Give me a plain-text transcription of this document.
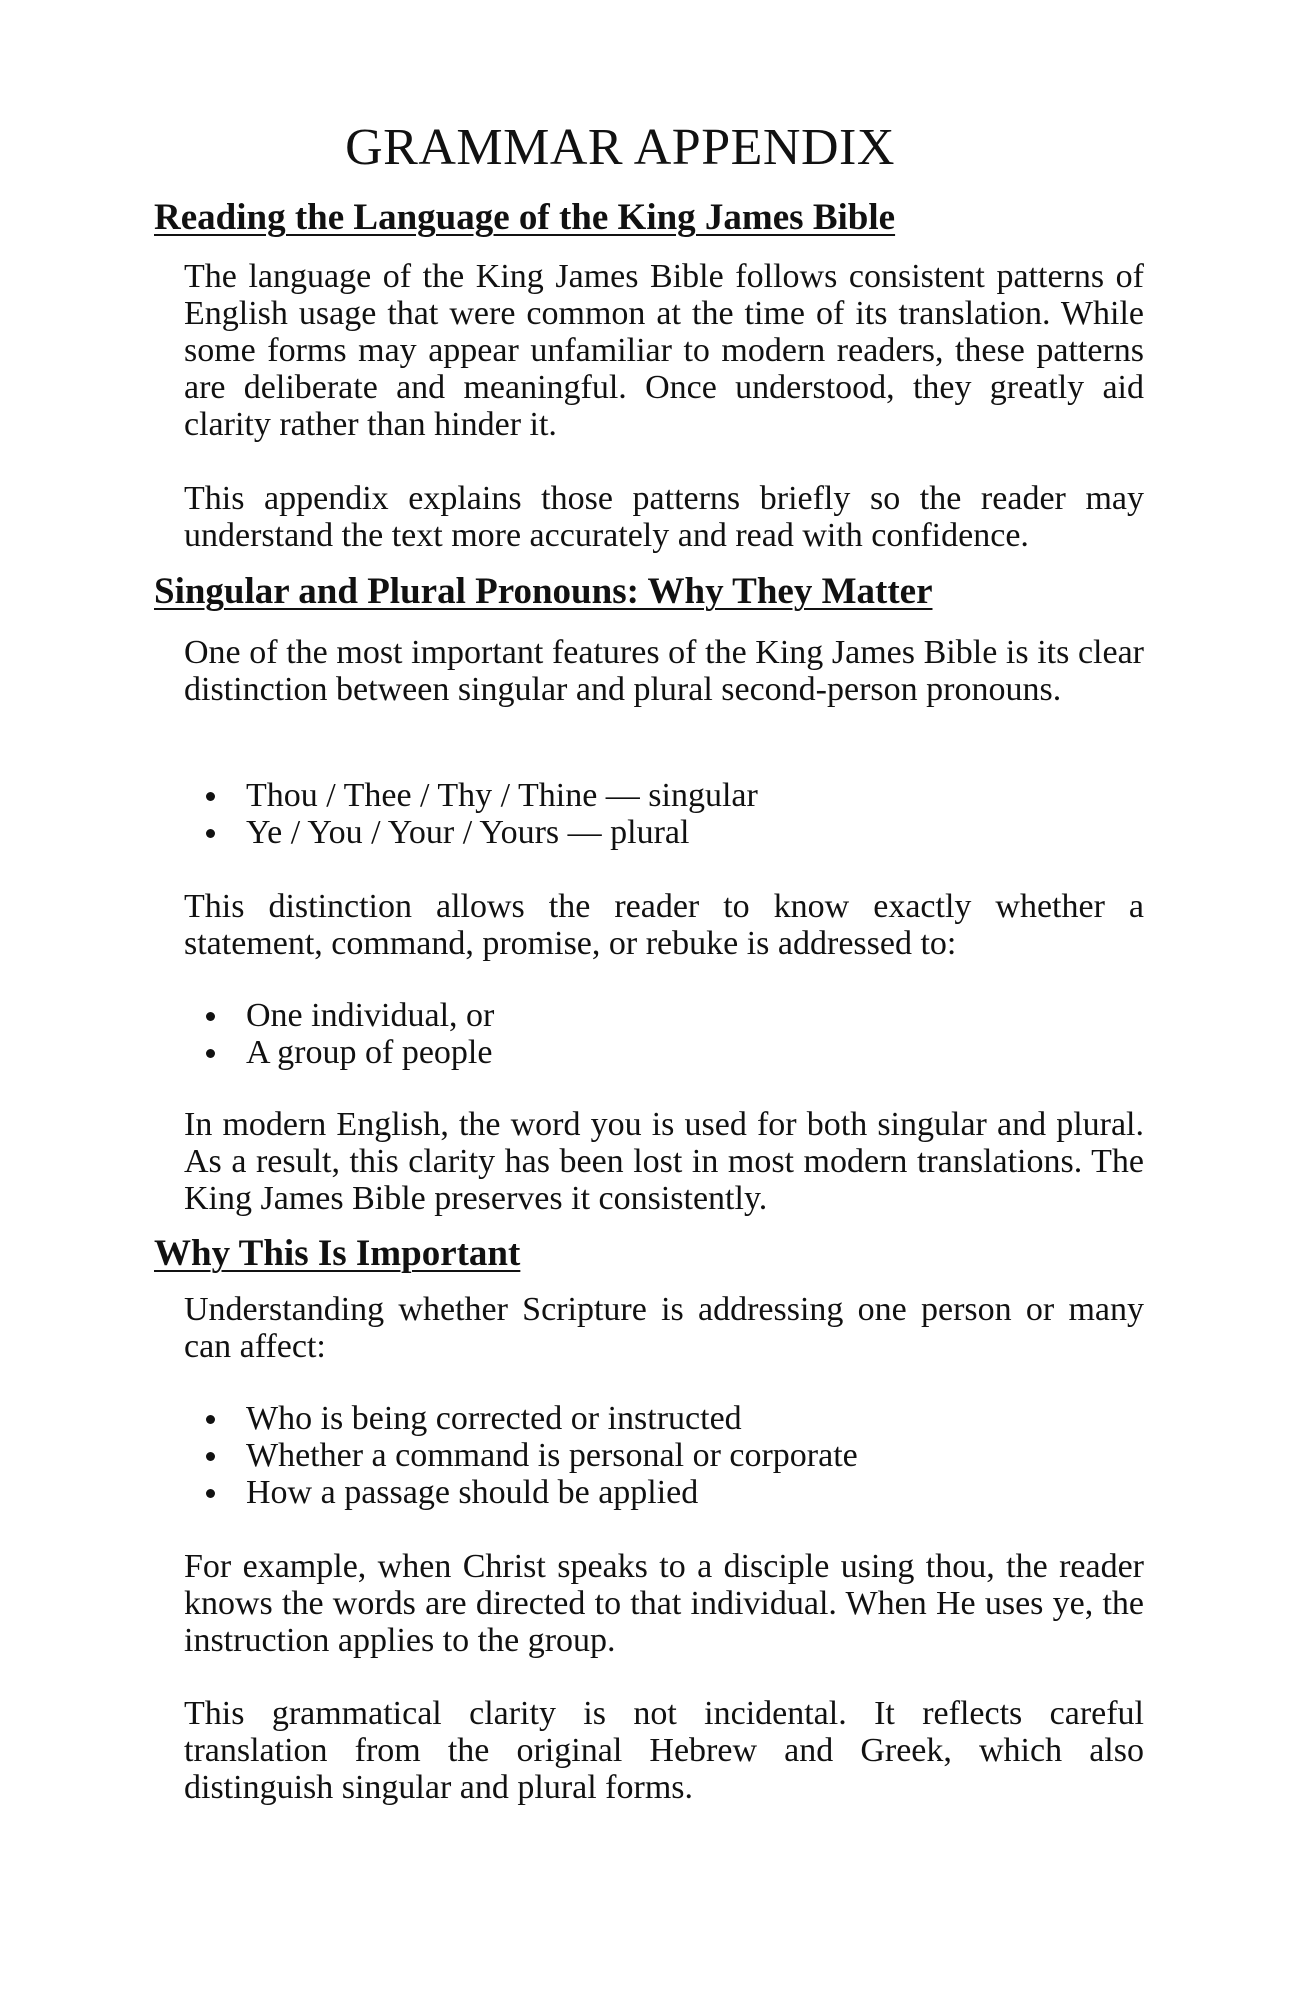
GRAMMAR APPENDIX
Reading the Language of the King James Bible

The language of the King James Bible follows consistent patterns of English usage that were common at the time of its translation. While some forms may appear unfamiliar to modern readers, these patterns are deliberate and meaningful. Once understood, they greatly aid clarity rather than hinder it.

This appendix explains those patterns briefly so the reader may understand the text more accurately and read with confidence.

Singular and Plural Pronouns: Why They Matter

One of the most important features of the King James Bible is its clear distinction between singular and plural second-person pronouns.

Thou / Thee / Thy / Thine — singular
Ye / You / Your / Yours — plural

This distinction allows the reader to know exactly whether a statement, command, promise, or rebuke is addressed to:

One individual, or
A group of people

In modern English, the word you is used for both singular and plural. As a result, this clarity has been lost in most modern translations. The King James Bible preserves it consistently.

Why This Is Important

Understanding whether Scripture is addressing one person or many can affect:

Who is being corrected or instructed
Whether a command is personal or corporate
How a passage should be applied

For example, when Christ speaks to a disciple using thou, the reader knows the words are directed to that individual. When He uses ye, the instruction applies to the group.

This grammatical clarity is not incidental. It reflects careful translation from the original Hebrew and Greek, which also distinguish singular and plural forms.
